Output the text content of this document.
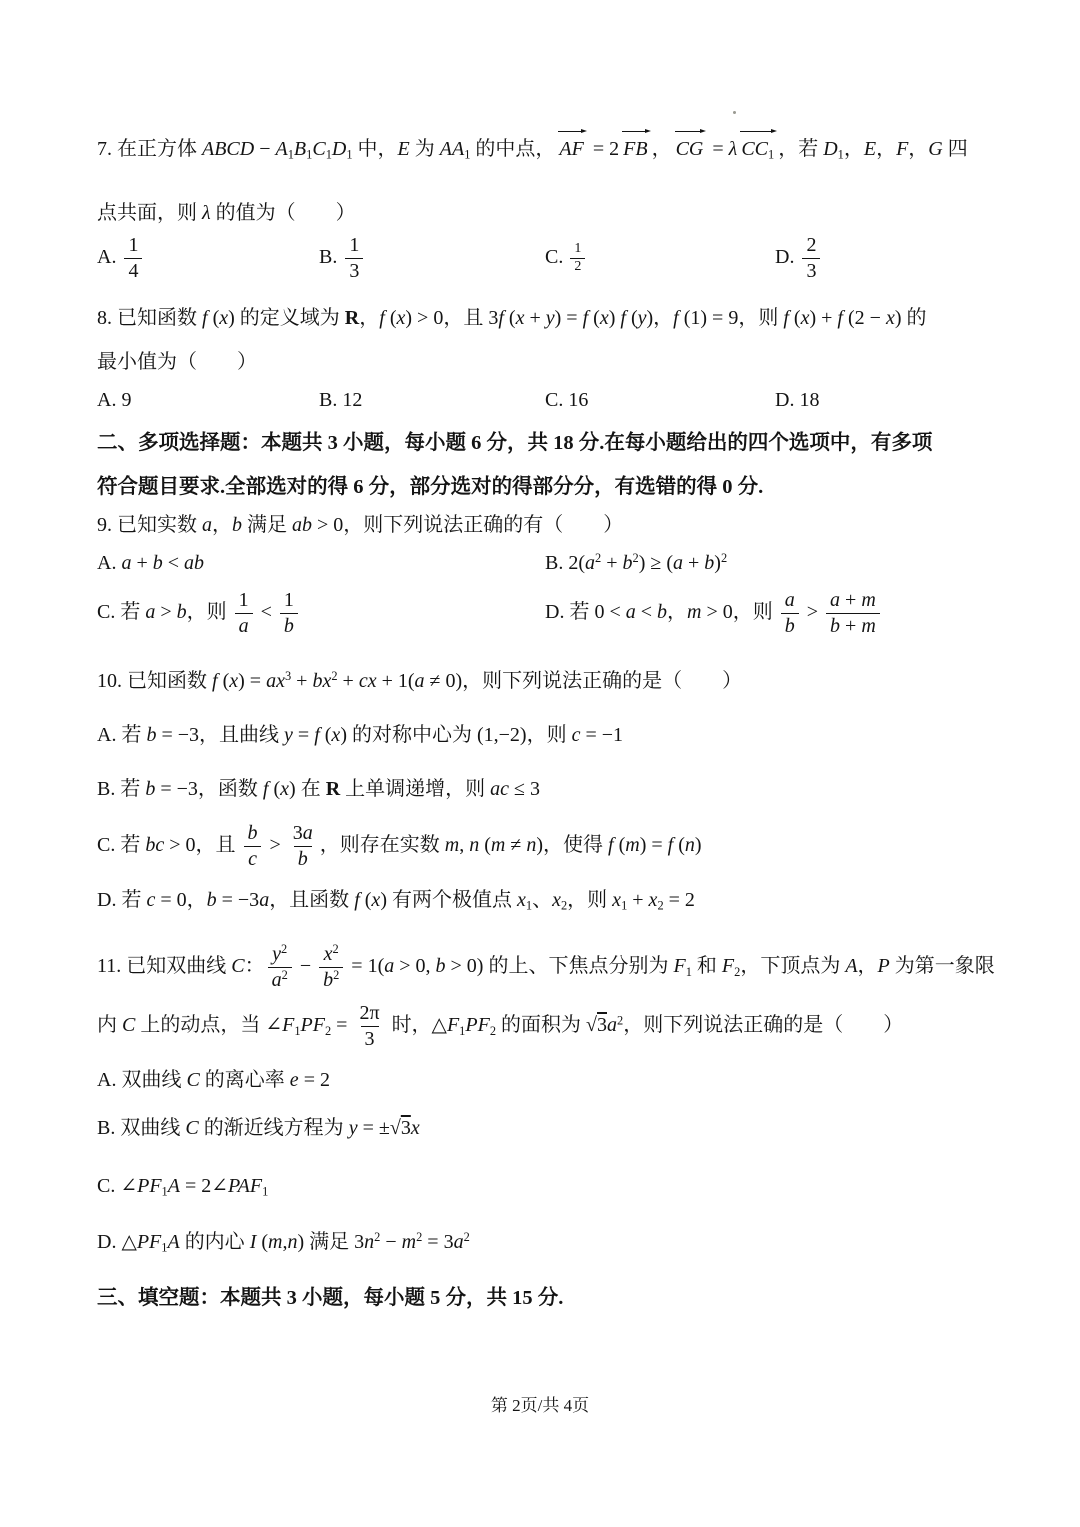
7. 在正方体 ABCD − $A_1B_1C_1D_1$ 中，E 为 $AA_1$ 的中点， AF = 2 FB ， CG = λ $CC_1$ ，若 $D_1$，E，F，G 四

点共面，则 λ 的值为（　　）

A. $\frac{1}{4}$	B. $\frac{1}{3}$	C. $\frac{1}{2}$	D. $\frac{2}{3}$

8. 已知函数 f (x) 的定义域为 R，f (x) > 0，且 3f (x + y) = f (x) f (y)，f (1) = 9，则 f (x) + f (2 − x) 的

最小值为（　　）

A. 9	B. 12	C. 16	D. 18

二、多项选择题：本题共 3 小题，每小题 6 分，共 18 分.在每小题给出的四个选项中，有多项

符合题目要求.全部选对的得 6 分，部分选对的得部分分，有选错的得 0 分.

9. 已知实数 a，b 满足 ab > 0，则下列说法正确的有（　　）

A. a + b < ab	B. $2(a^2 + b^2) \ge (a + b)^2$
C. 若 a > b，则 $\frac{1}{a} < \frac{1}{b}$	D. 若 0 < a < b，m > 0，则 $\frac{a}{b} > \frac{a + m}{b + m}$

10. 已知函数 f $(x) = ax^3 + bx^2$ + cx + 1(a ≠ 0)，则下列说法正确的是（　　）

A. 若 b = −3，且曲线 y = f (x) 的对称中心为 (1,−2)，则 c = −1

B. 若 b = −3，函数 f (x) 在 R 上单调递增，则 ac ≤ 3

C. 若 bc > 0，且 $\frac{b}{c} > \frac{3a}{b}$ ，则存在实数 m, n (m ≠ n)，使得 f (m) = f (n)

D. 若 c = 0，b = −3a，且函数 f (x) 有两个极值点 $x_1$、$x_2$，则 $x_1 + x_2 = 2$

11. 已知双曲线 C： $\frac{y^2}{a^2} - \frac{x^2}{b^2} = 1(a > 0$, b > 0) 的上、下焦点分别为 $F_1$ 和 $F_2$，下顶点为 A，P 为第一象限

内 C 上的动点，当 $\angle F_1PF_2 = \frac{2\pi}{3}$ 时，$\triangle F_1PF_2$ 的面积为 $√3a^2$，则下列说法正确的是（　　）

A. 双曲线 C 的离心率 e = 2

B. 双曲线 C 的渐近线方程为 y = ±√3x

C. $\angle PF_1A$ = $2\angle PAF_1$

D. $\triangle PF_1A$ 的内心 I (m,n) 满足 $3n^2 - m^2 = 3a^2$

三、填空题：本题共 3 小题，每小题 5 分，共 15 分.

第 2页/共 4页
